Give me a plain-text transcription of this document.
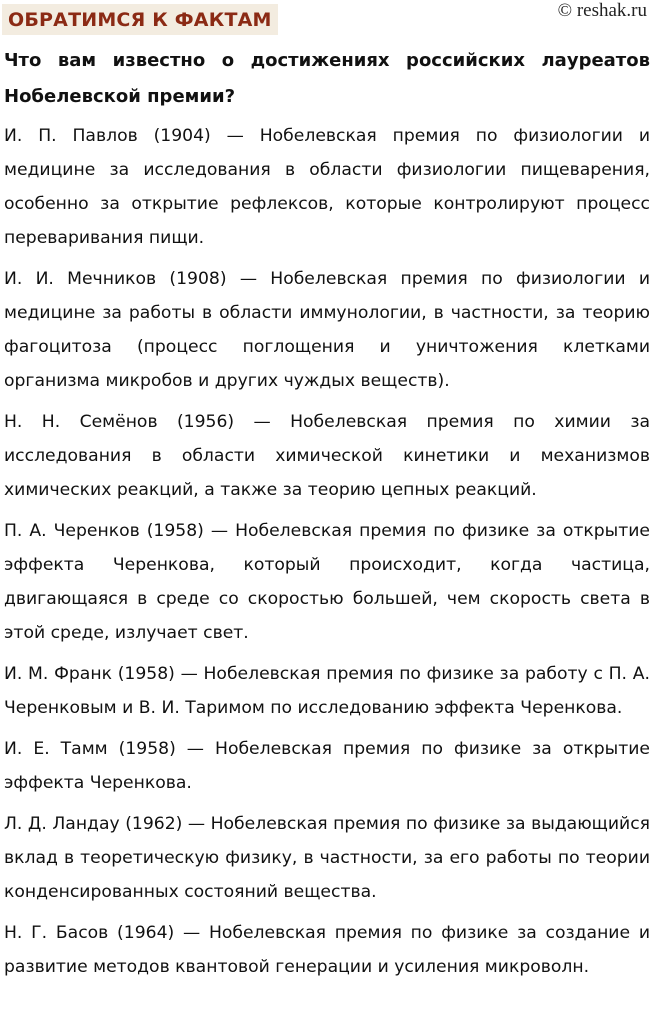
ОБРАТИМСЯ К ФАКТАМ	© reshak.ru

Что вам известно о достижениях российских лауреатов Нобелевской премии?

И. П. Павлов (1904) — Нобелевская премия по физиологии и медицине за исследования в области физиологии пищеварения, особенно за открытие рефлексов, которые контролируют процесс переваривания пищи.

И. И. Мечников (1908) — Нобелевская премия по физиологии и медицине за работы в области иммунологии, в частности, за теорию фагоцитоза (процесс поглощения и уничтожения клетками организма микробов и других чуждых веществ).

Н. Н. Семёнов (1956) — Нобелевская премия по химии за исследования в области химической кинетики и механизмов химических реакций, а также за теорию цепных реакций.

П. А. Черенков (1958) — Нобелевская премия по физике за открытие эффекта Черенкова, который происходит, когда частица, двигающаяся в среде со скоростью большей, чем скорость света в этой среде, излучает свет.

И. М. Франк (1958) — Нобелевская премия по физике за работу с П. А. Черенковым и В. И. Таримом по исследованию эффекта Черенкова.

И. Е. Тамм (1958) — Нобелевская премия по физике за открытие эффекта Черенкова.

Л. Д. Ландау (1962) — Нобелевская премия по физике за выдающийся вклад в теоретическую физику, в частности, за его работы по теории конденсированных состояний вещества.

Н. Г. Басов (1964) — Нобелевская премия по физике за создание и развитие методов квантовой генерации и усиления микроволн.
